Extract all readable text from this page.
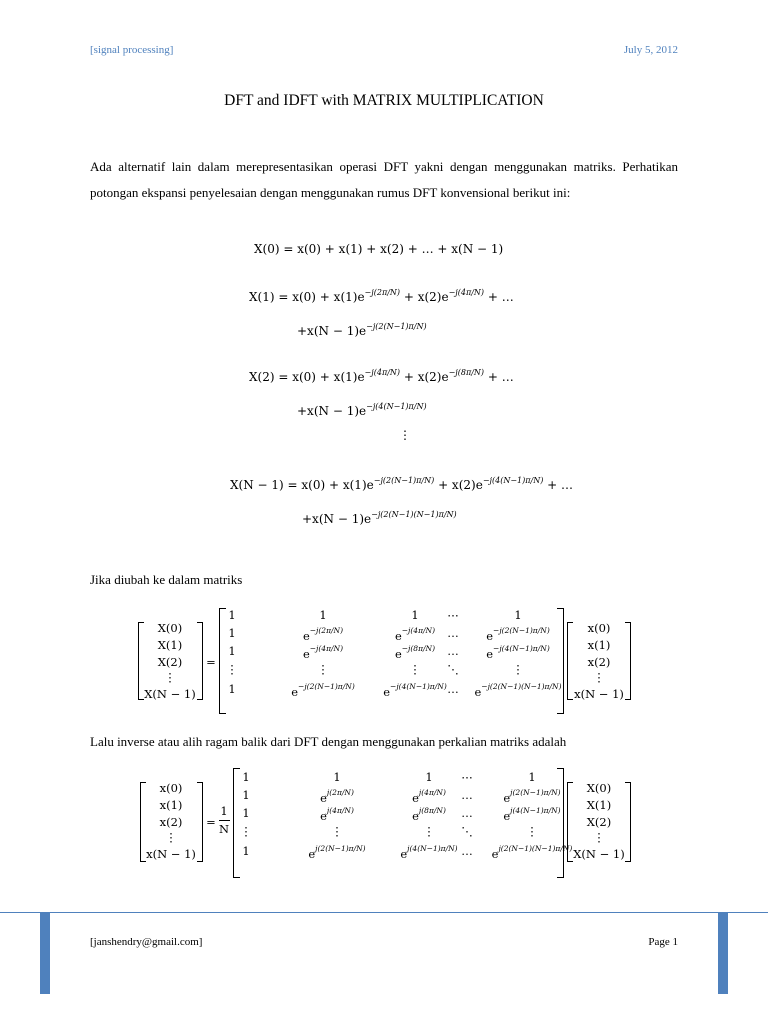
[signal processing]	July 5, 2012
DFT and IDFT with MATRIX MULTIPLICATION
Ada alternatif lain dalam merepresentasikan operasi DFT yakni dengan menggunakan matriks. Perhatikan potongan ekspansi penyelesaian dengan menggunakan rumus DFT konvensional berikut ini:
X(0) = x(0) + x(1) + x(2) + … + x(N − 1)
$X(1) = x(0) + x(1)e^{-j(2\pi/N)} + x(2)e^{-j(4\pi/N)}$ + …
$+x(N - 1)e^{-j(2(N-1)\pi/N)}$
$X(2) = x(0) + x(1)e^{-j(4\pi/N)} + x(2)e^{-j(8\pi/N)}$ + …
$+x(N - 1)e^{-j(4(N-1)\pi/N)}$
⋮
$X(N - 1) = x(0) + x(1)e^{-j(2(N-1)\pi/N)} + x(2)e^{-j(4(N-1)\pi/N)}$ + …
$+x(N - 1)e^{-j(2(N-1)(N-1)\pi/N)}$
Jika diubah ke dalam matriks
X(0)
X(1)
X(2)
⋮
X(N − 1)
=
1	1	1	⋯	1
1	$e^{-j(2\pi/N)}$	$e^{-j(4\pi/N)}$	…	$e^{-j(2(N-1)\pi/N)}$
1	$e^{-j(4\pi/N)}$	$e^{-j(8\pi/N)}$	…	$e^{-j(4(N-1)\pi/N)}$
⋮	⋮	⋮	⋱	⋮
1	$e^{-j(2(N-1)\pi/N)}$	$e^{-j(4(N-1)\pi/N)}$ …	$e^{-j(2(N-1)(N-1)\pi/N)}$
x(0)
x(1)
x(2)
⋮
x(N − 1)
Lalu inverse atau alih ragam balik dari DFT dengan menggunakan perkalian matriks adalah
x(0)
x(1)
x(2)
⋮
x(N − 1)
=
1
N
1	1	1	⋯	1
1	$e^{j(2\pi/N)}$	$e^{j(4\pi/N)}$	…	$e^{j(2(N-1)\pi/N)}$
1	$e^{j(4\pi/N)}$	$e^{j(8\pi/N)}$	…	$e^{j(4(N-1)\pi/N)}$
⋮	⋮	⋮	⋱	⋮
1	$e^{j(2(N-1)\pi/N)}$	$e^{j(4(N-1)\pi/N)}$ …	$e^{j(2(N-1)(N-1)\pi/N)}$
X(0)
X(1)
X(2)
⋮
X(N − 1)
[janshendry@gmail.com]	Page 1
